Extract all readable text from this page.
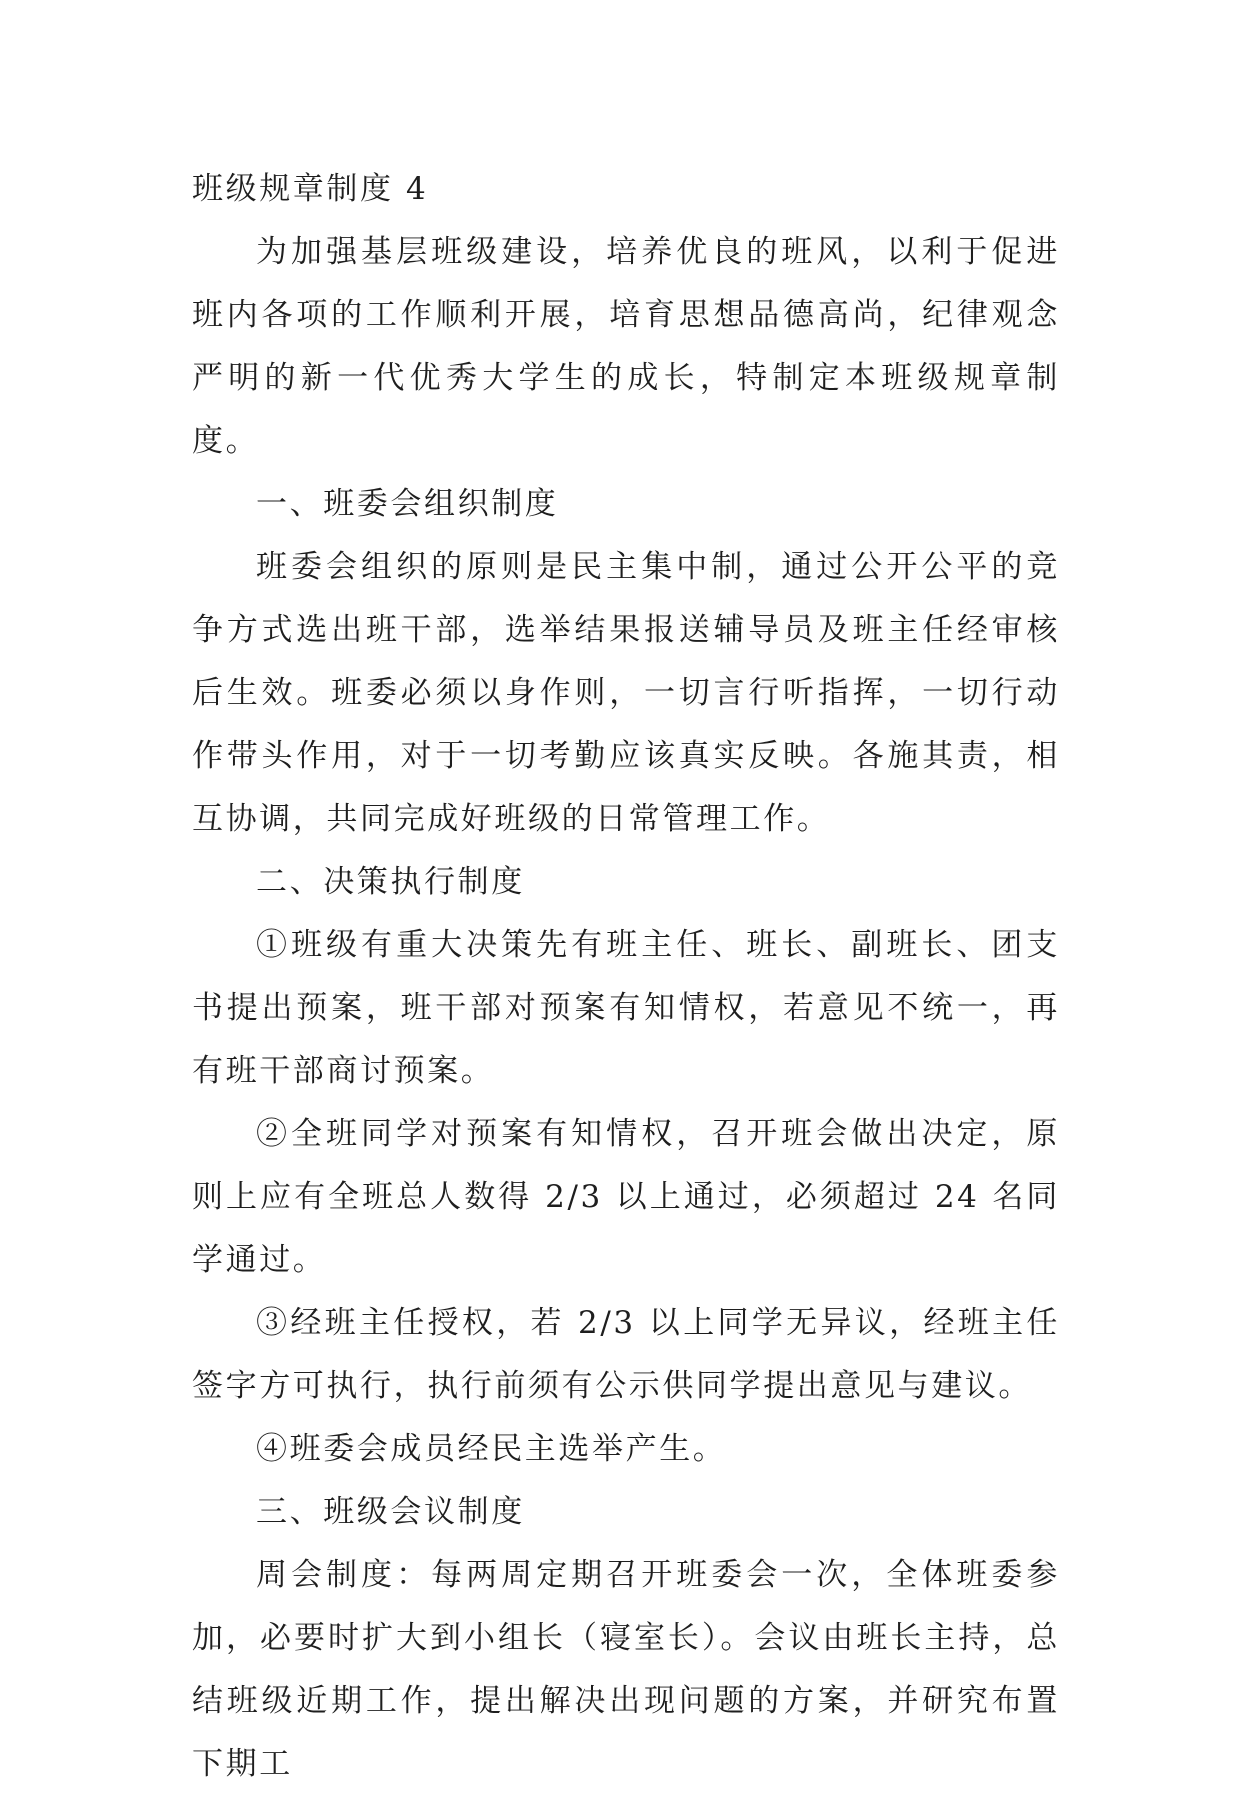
班级规章制度 4

为加强基层班级建设，培养优良的班风，以利于促进班内各项的工作顺利开展，培育思想品德高尚，纪律观念严明的新一代优秀大学生的成长，特制定本班级规章制度。

一、班委会组织制度

班委会组织的原则是民主集中制，通过公开公平的竞争方式选出班干部，选举结果报送辅导员及班主任经审核后生效。班委必须以身作则，一切言行听指挥，一切行动作带头作用，对于一切考勤应该真实反映。各施其责，相互协调，共同完成好班级的日常管理工作。

二、决策执行制度

①班级有重大决策先有班主任、班长、副班长、团支书提出预案，班干部对预案有知情权，若意见不统一，再有班干部商讨预案。

②全班同学对预案有知情权，召开班会做出决定，原则上应有全班总人数得 2/3 以上通过，必须超过 24 名同学通过。

③经班主任授权，若 2/3 以上同学无异议，经班主任签字方可执行，执行前须有公示供同学提出意见与建议。

④班委会成员经民主选举产生。

三、班级会议制度

周会制度：每两周定期召开班委会一次，全体班委参加，必要时扩大到小组长（寝室长）。会议由班长主持，总结班级近期工作，提出解决出现问题的方案，并研究布置下期工
